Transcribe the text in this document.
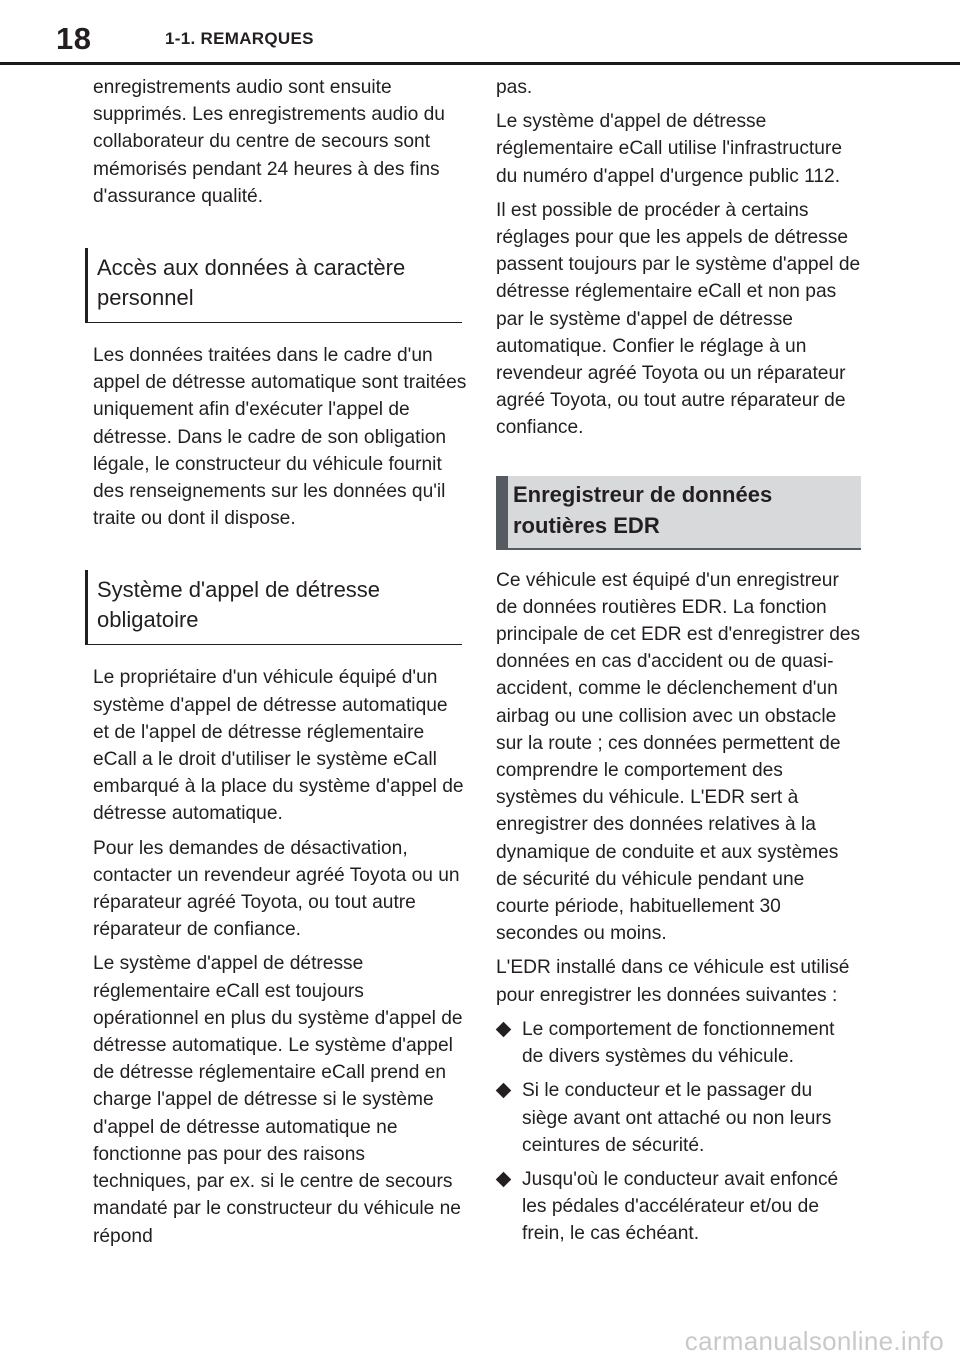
18	1-1. REMARQUES

enregistrements audio sont ensuite supprimés. Les enregistrements audio du collaborateur du centre de secours sont mémorisés pendant 24 heures à des fins d'assurance qualité.

Accès aux données à caractère personnel

Les données traitées dans le cadre d'un appel de détresse automatique sont traitées uniquement afin d'exécuter l'appel de détresse. Dans le cadre de son obligation légale, le constructeur du véhicule fournit des renseignements sur les données qu'il traite ou dont il dispose.

Système d'appel de détresse obligatoire

Le propriétaire d'un véhicule équipé d'un système d'appel de détresse automatique et de l'appel de détresse réglementaire eCall a le droit d'utiliser le système eCall embarqué à la place du système d'appel de détresse automatique.

Pour les demandes de désactivation, contacter un revendeur agréé Toyota ou un réparateur agréé Toyota, ou tout autre réparateur de confiance.

Le système d'appel de détresse réglementaire eCall est toujours opérationnel en plus du système d'appel de détresse automatique. Le système d'appel de détresse réglementaire eCall prend en charge l'appel de détresse si le système d'appel de détresse automatique ne fonctionne pas pour des raisons techniques, par ex. si le centre de secours mandaté par le constructeur du véhicule ne répond

pas.

Le système d'appel de détresse réglementaire eCall utilise l'infrastructure du numéro d'appel d'urgence public 112.

Il est possible de procéder à certains réglages pour que les appels de détresse passent toujours par le système d'appel de détresse réglementaire eCall et non pas par le système d'appel de détresse automatique. Confier le réglage à un revendeur agréé Toyota ou un réparateur agréé Toyota, ou tout autre réparateur de confiance.

Enregistreur de données routières EDR

Ce véhicule est équipé d'un enregistreur de données routières EDR. La fonction principale de cet EDR est d'enregistrer des données en cas d'accident ou de quasi-accident, comme le déclenchement d'un airbag ou une collision avec un obstacle sur la route ; ces données permettent de comprendre le comportement des systèmes du véhicule. L'EDR sert à enregistrer des données relatives à la dynamique de conduite et aux systèmes de sécurité du véhicule pendant une courte période, habituellement 30 secondes ou moins.

L'EDR installé dans ce véhicule est utilisé pour enregistrer les données suivantes :

Le comportement de fonctionnement de divers systèmes du véhicule.
Si le conducteur et le passager du siège avant ont attaché ou non leurs ceintures de sécurité.
Jusqu'où le conducteur avait enfoncé les pédales d'accélérateur et/ou de frein, le cas échéant.
carmanualsonline.info
